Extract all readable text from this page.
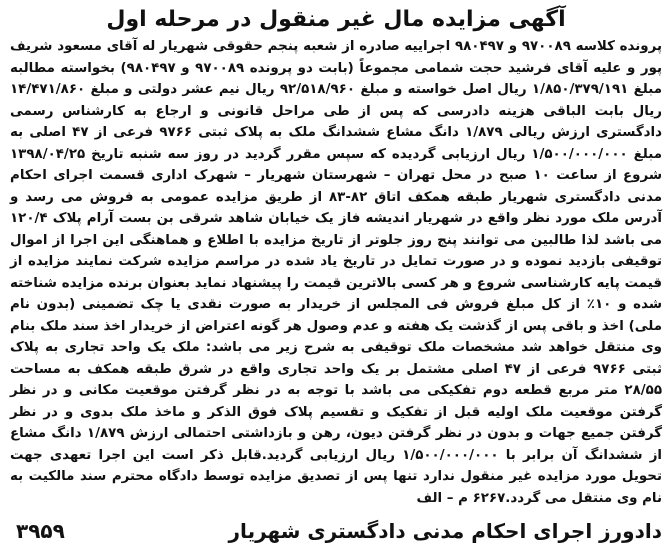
آگهی مزایده مال غیر منقول در مرحله اول

پرونده کلاسه ۹۷۰۰۸۹ و ۹۸۰۴۹۷ اجراییه صادره از شعبه پنجم حقوقی شهریار له آقای مسعود شریف پور و علیه آقای فرشید حجت شمامی مجموعاً (بابت دو پرونده ۹۷۰۰۸۹ و ۹۸۰۴۹۷) بخواسته مطالبه مبلغ ۱/۸۵۰/۳۷۹/۱۹۱ ریال اصل خواسته و مبلغ ۹۲/۵۱۸/۹۶۰ ریال نیم عشر دولتی و مبلغ ۱۴/۴۷۱/۸۶۰ ریال بابت الباقی هزینه دادرسی که پس از طی مراحل قانونی و ارجاع به کارشناس رسمی دادگستری ارزش ریالی ۱/۸۷۹ دانگ مشاع ششدانگ ملک به پلاک ثبتی ۹۷۶۶ فرعی از ۴۷ اصلی به مبلغ ۱/۵۰۰/۰۰۰/۰۰۰ ریال ارزیابی گردیده که سپس مقرر گردید در روز سه شنبه تاریخ ۱۳۹۸/۰۴/۲۵ شروع از ساعت ۱۰ صبح در محل تهران – شهرستان شهریار – شهرک اداری قسمت اجرای احکام مدنی دادگستری شهریار طبقه همکف اتاق ۸۲-۸۳ از طریق مزایده عمومی به فروش می رسد و آدرس ملک مورد نظر واقع در شهریار اندیشه فاز یک خیابان شاهد شرقی بن بست آرام پلاک ۱۲۰/۴ می باشد لذا طالبین می توانند پنج روز جلوتر از تاریخ مزایده با اطلاع و هماهنگی این اجرا از اموال توقیفی بازدید نموده و در صورت تمایل در تاریخ یاد شده در مراسم مزایده شرکت نمایند مزایده از قیمت پایه کارشناسی شروع و هر کسی بالاترین قیمت را پیشنهاد نماید بعنوان برنده مزایده شناخته شده و ۱۰٪ از کل مبلغ فروش فی المجلس از خریدار به صورت نقدی یا چک تضمینی (بدون نام ملی) اخذ و باقی پس از گذشت یک هفته و عدم وصول هر گونه اعتراض از خریدار اخذ سند ملک بنام وی منتقل خواهد شد مشخصات ملک توقیفی به شرح زیر می باشد: ملک یک واحد تجاری به پلاک ثبتی ۹۷۶۶ فرعی از ۴۷ اصلی مشتمل بر یک واحد تجاری واقع در شرق طبقه همکف به مساحت ۲۸/۵۵ متر مربع قطعه دوم تفکیکی می باشد با توجه به در نظر گرفتن موقعیت مکانی و در نظر گرفتن موقعیت ملک اولیه قبل از تفکیک و تقسیم پلاک فوق الذکر و ماخذ ملک بدوی و در نظر گرفتن جمیع جهات و بدون در نظر گرفتن دیون، رهن و بازداشتی احتمالی ارزش ۱/۸۷۹ دانگ مشاع از ششدانگ آن برابر با ۱/۵۰۰/۰۰۰/۰۰۰ ریال ارزیابی گردید.قابل ذکر است این اجرا تعهدی جهت تحویل مورد مزایده غیر منقول ندارد تنها پس از تصدیق مزایده توسط دادگاه محترم سند مالکیت به نام وی منتقل می گردد.۶۲۶۷ م – الف

دادورز اجرای احکام مدنی دادگستری شهریار
۳۹۵۹
